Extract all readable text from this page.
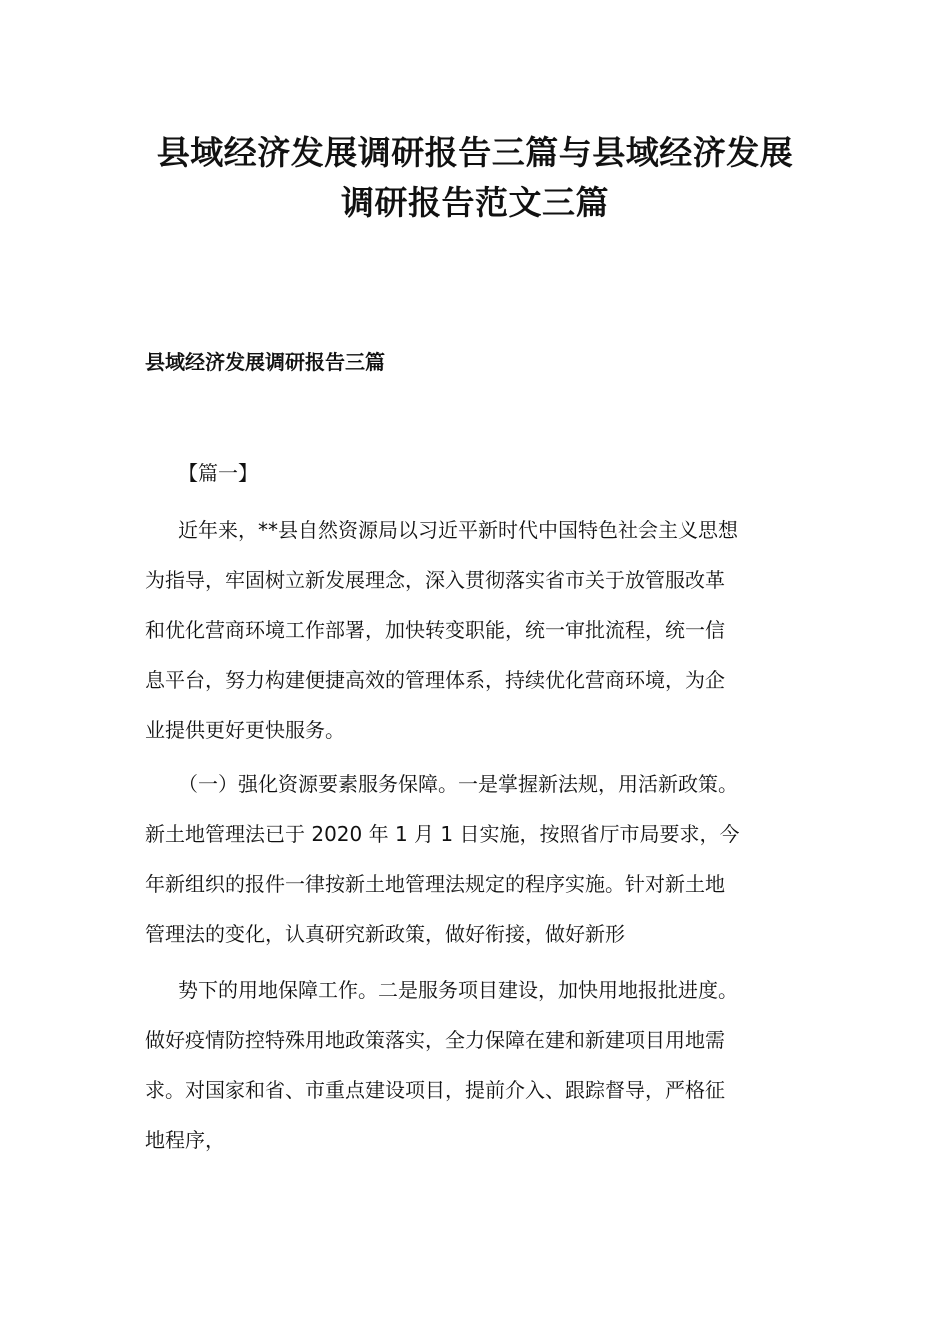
县域经济发展调研报告三篇与县域经济发展
调研报告范文三篇
县域经济发展调研报告三篇

【篇一】

近年来，**县自然资源局以习近平新时代中国特色社会主义思想
为指导，牢固树立新发展理念，深入贯彻落实省市关于放管服改革
和优化营商环境工作部署，加快转变职能，统一审批流程，统一信
息平台，努力构建便捷高效的管理体系，持续优化营商环境，为企
业提供更好更快服务。

（一）强化资源要素服务保障。一是掌握新法规，用活新政策。
新土地管理法已于 2020 年 1 月 1 日实施，按照省厅市局要求，今
年新组织的报件一律按新土地管理法规定的程序实施。针对新土地
管理法的变化，认真研究新政策，做好衔接，做好新形

势下的用地保障工作。二是服务项目建设，加快用地报批进度。
做好疫情防控特殊用地政策落实，全力保障在建和新建项目用地需
求。对国家和省、市重点建设项目，提前介入、跟踪督导，严格征
地程序，
